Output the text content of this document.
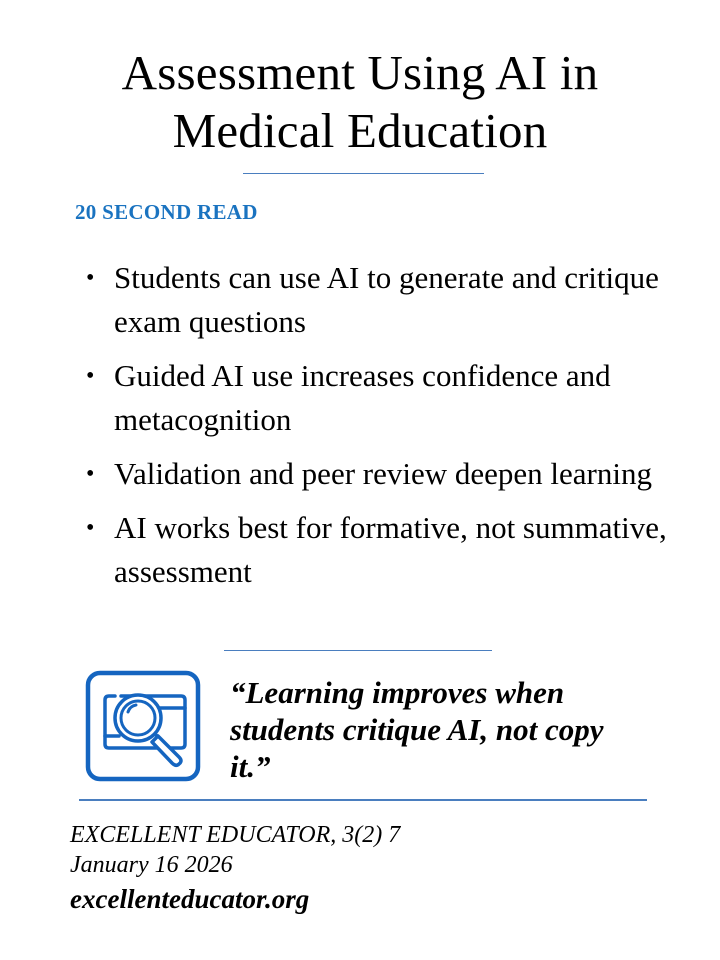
Assessment Using AI in
Medical Education
20 SECOND READ
• Students can use AI to generate and critique exam questions
• Guided AI use increases confidence and metacognition
• Validation and peer review deepen learning
• AI works best for formative, not summative, assessment
“Learning improves when students critique AI, not copy it.”
EXCELLENT EDUCATOR, 3(2) 7
January 16 2026
excellenteducator.org
